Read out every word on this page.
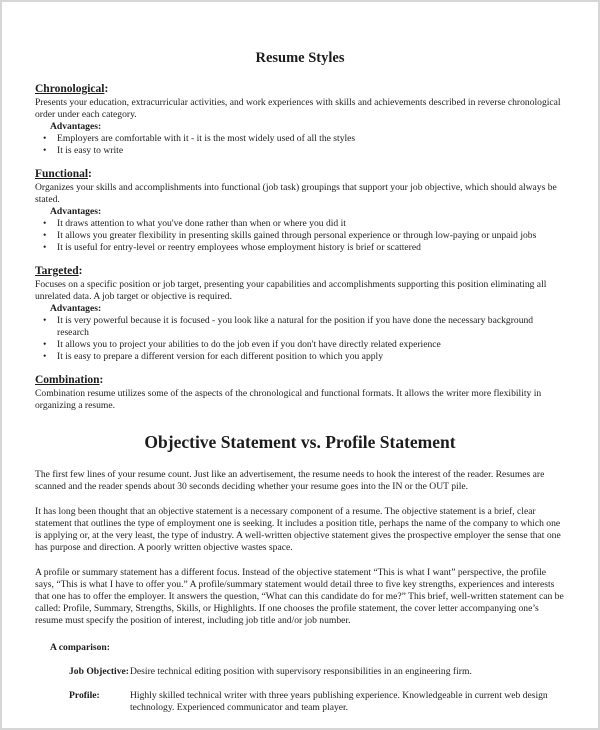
Resume Styles

Chronological:

Presents your education, extracurricular activities, and work experiences with skills and achievements described in reverse chronological order under each category.

Advantages:

• Employers are comfortable with it - it is the most widely used of all the styles
• It is easy to write

Functional:

Organizes your skills and accomplishments into functional (job task) groupings that support your job objective, which should always be stated.

Advantages:

• It draws attention to what you've done rather than when or where you did it
• It allows you greater flexibility in presenting skills gained through personal experience or through low-paying or unpaid jobs
• It is useful for entry-level or reentry employees whose employment history is brief or scattered

Targeted:

Focuses on a specific position or job target, presenting your capabilities and accomplishments supporting this position eliminating all unrelated data. A job target or objective is required.

Advantages:

• It is very powerful because it is focused - you look like a natural for the position if you have done the necessary background research
• It allows you to project your abilities to do the job even if you don't have directly related experience
• It is easy to prepare a different version for each different position to which you apply

Combination:

Combination resume utilizes some of the aspects of the chronological and functional formats. It allows the writer more flexibility in organizing a resume.

Objective Statement vs. Profile Statement

The first few lines of your resume count. Just like an advertisement, the resume needs to hook the interest of the reader. Resumes are scanned and the reader spends about 30 seconds deciding whether your resume goes into the IN or the OUT pile.

It has long been thought that an objective statement is a necessary component of a resume. The objective statement is a brief, clear statement that outlines the type of employment one is seeking. It includes a position title, perhaps the name of the company to which one is applying or, at the very least, the type of industry. A well-written objective statement gives the prospective employer the sense that one has purpose and direction. A poorly written objective wastes space.

A profile or summary statement has a different focus. Instead of the objective statement “This is what I want” perspective, the profile says, “This is what I have to offer you.” A profile/summary statement would detail three to five key strengths, experiences and interests that one has to offer the employer. It answers the question, “What can this candidate do for me?” This brief, well-written statement can be called: Profile, Summary, Strengths, Skills, or Highlights. If one chooses the profile statement, the cover letter accompanying one’s resume must specify the position of interest, including job title and/or job number.

A comparison:

Job Objective: Desire technical editing position with supervisory responsibilities in an engineering firm.
Profile:	Highly skilled technical writer with three years publishing experience. Knowledgeable in current web design technology. Experienced communicator and team player.
